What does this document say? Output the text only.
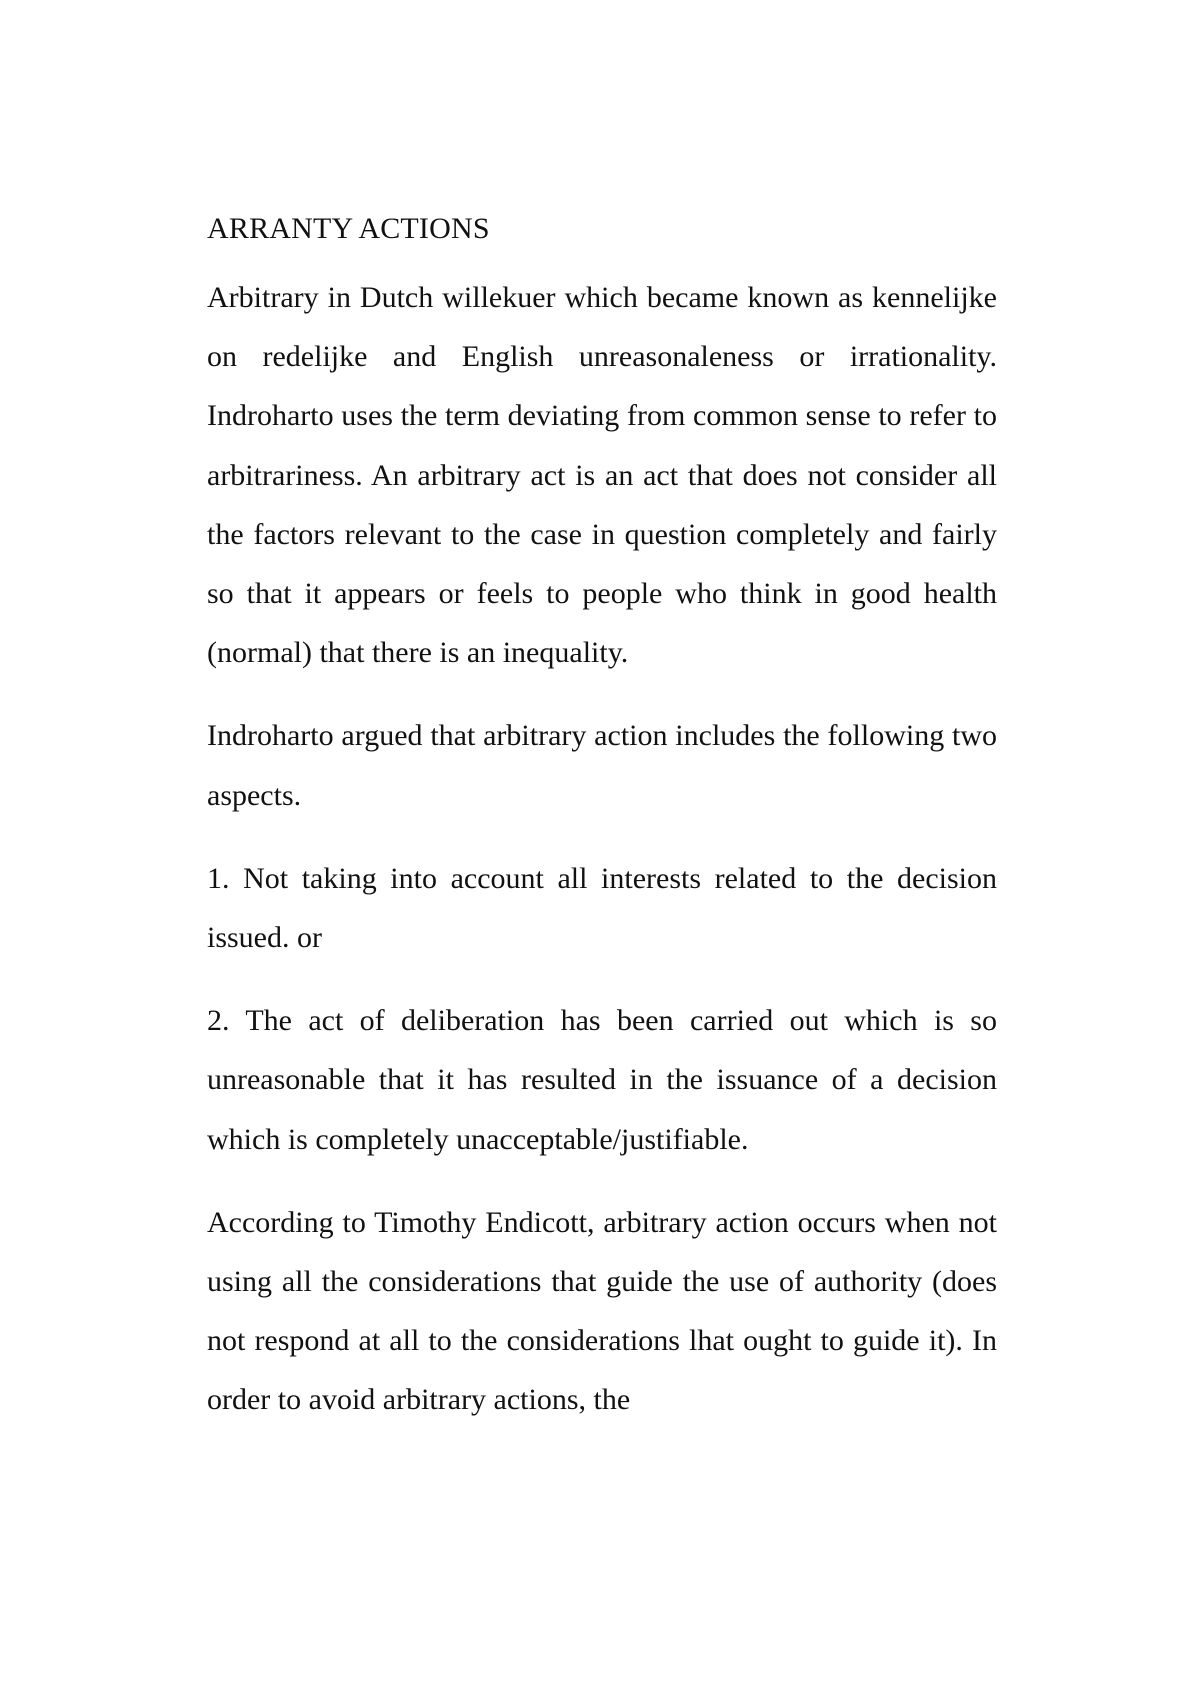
ARRANTY ACTIONS

Arbitrary in Dutch willekuer which became known as kennelijke on redelijke and English unreasonaleness or irrationality. Indroharto uses the term deviating from common sense to refer to arbitrariness. An arbitrary act is an act that does not consider all the factors relevant to the case in question completely and fairly so that it appears or feels to people who think in good health (normal) that there is an inequality.

Indroharto argued that arbitrary action includes the following two aspects.

1. Not taking into account all interests related to the decision issued. or

2. The act of deliberation has been carried out which is so unreasonable that it has resulted in the issuance of a decision which is completely unacceptable/justifiable.

According to Timothy Endicott, arbitrary action occurs when not using all the considerations that guide the use of authority (does not respond at all to the considerations lhat ought to guide it). In order to avoid arbitrary actions, the
